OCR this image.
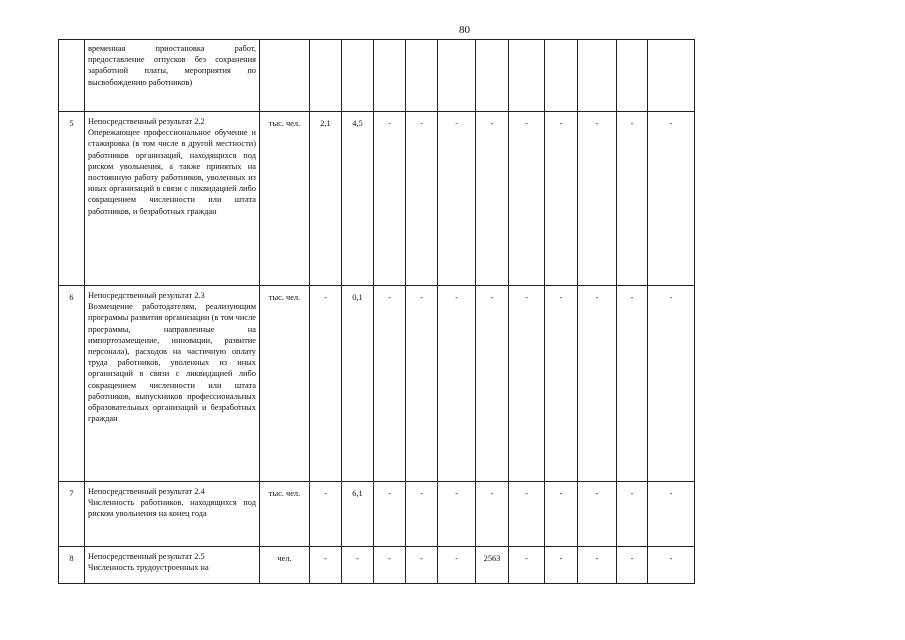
80

	временная приостановка работ, предоставление отпусков без сохранения заработной платы, мероприятия по высвобождению работников)												

5	Непосредственный результат 2.2
Опережающее профессиональное обучение и стажировка (в том числе в другой местности) работников организаций, находящихся под риском увольнения, а также принятых на постоянную работу работников, уволенных из иных организаций в связи с ликвидацией либо сокращением численности или штата работников, и безработных граждан	тыс. чел.	2,1	4,5	-	-	-	-	-	-	-	-	-
6	Непосредственный результат 2.3
Возмещение работодателям, реализующим программы развития организации (в том числе программы, направленные на импортозамещение, инновации, развитие персонала), расходов на частичную оплату труда работников, уволенных из иных организаций в связи с ликвидацией либо сокращением численности или штата работников, выпускников профессиональных образовательных организаций и безработных граждан	тыс. чел.	-	0,1	-	-	-	-	-	-	-	-	-
7	Непосредственный результат 2.4
Численность работников, находящихся под риском увольнения на конец года	тыс. чел.	-	6,1	-	-	-	-	-	-	-	-	-
8	Непосредственный результат 2.5
Численность трудоустроенных на	чел.	-	-	-	-	-	2563	-	-	-	-	-
